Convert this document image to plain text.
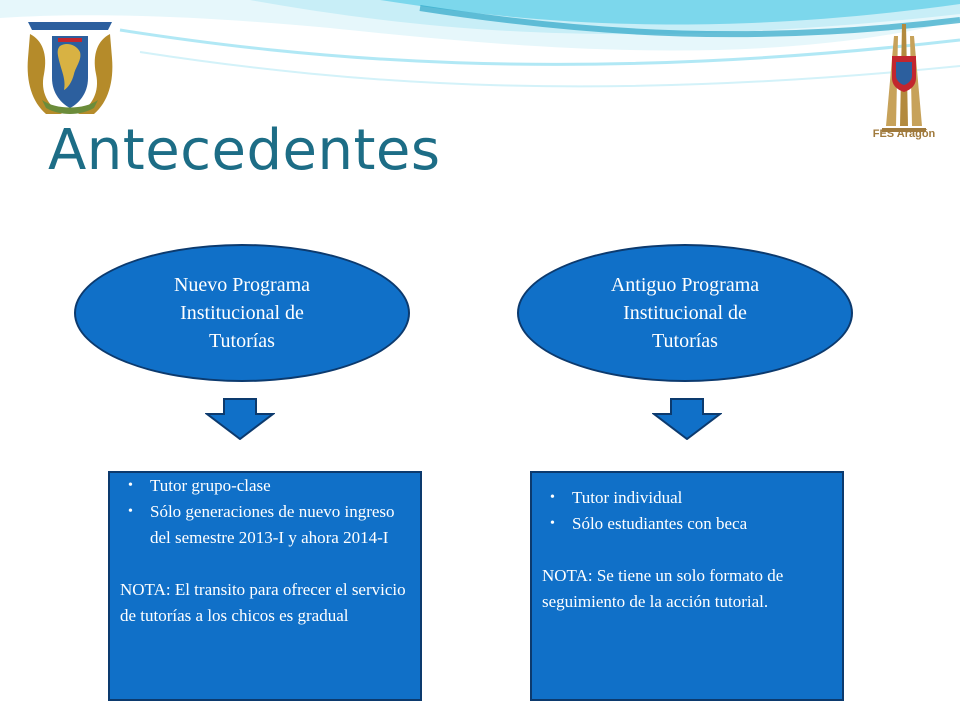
FES Aragón
Antecedentes
Nuevo Programa
Institucional de
Tutorías
Antiguo Programa
Institucional de
Tutorías
• Tutor grupo-clase
• Sólo generaciones de nuevo ingreso del semestre 2013-I y ahora 2014-I

NOTA: El transito para ofrecer el servicio de tutorías a los chicos es gradual

• Tutor individual
• Sólo estudiantes con beca

NOTA: Se tiene un solo formato de seguimiento de la acción tutorial.
